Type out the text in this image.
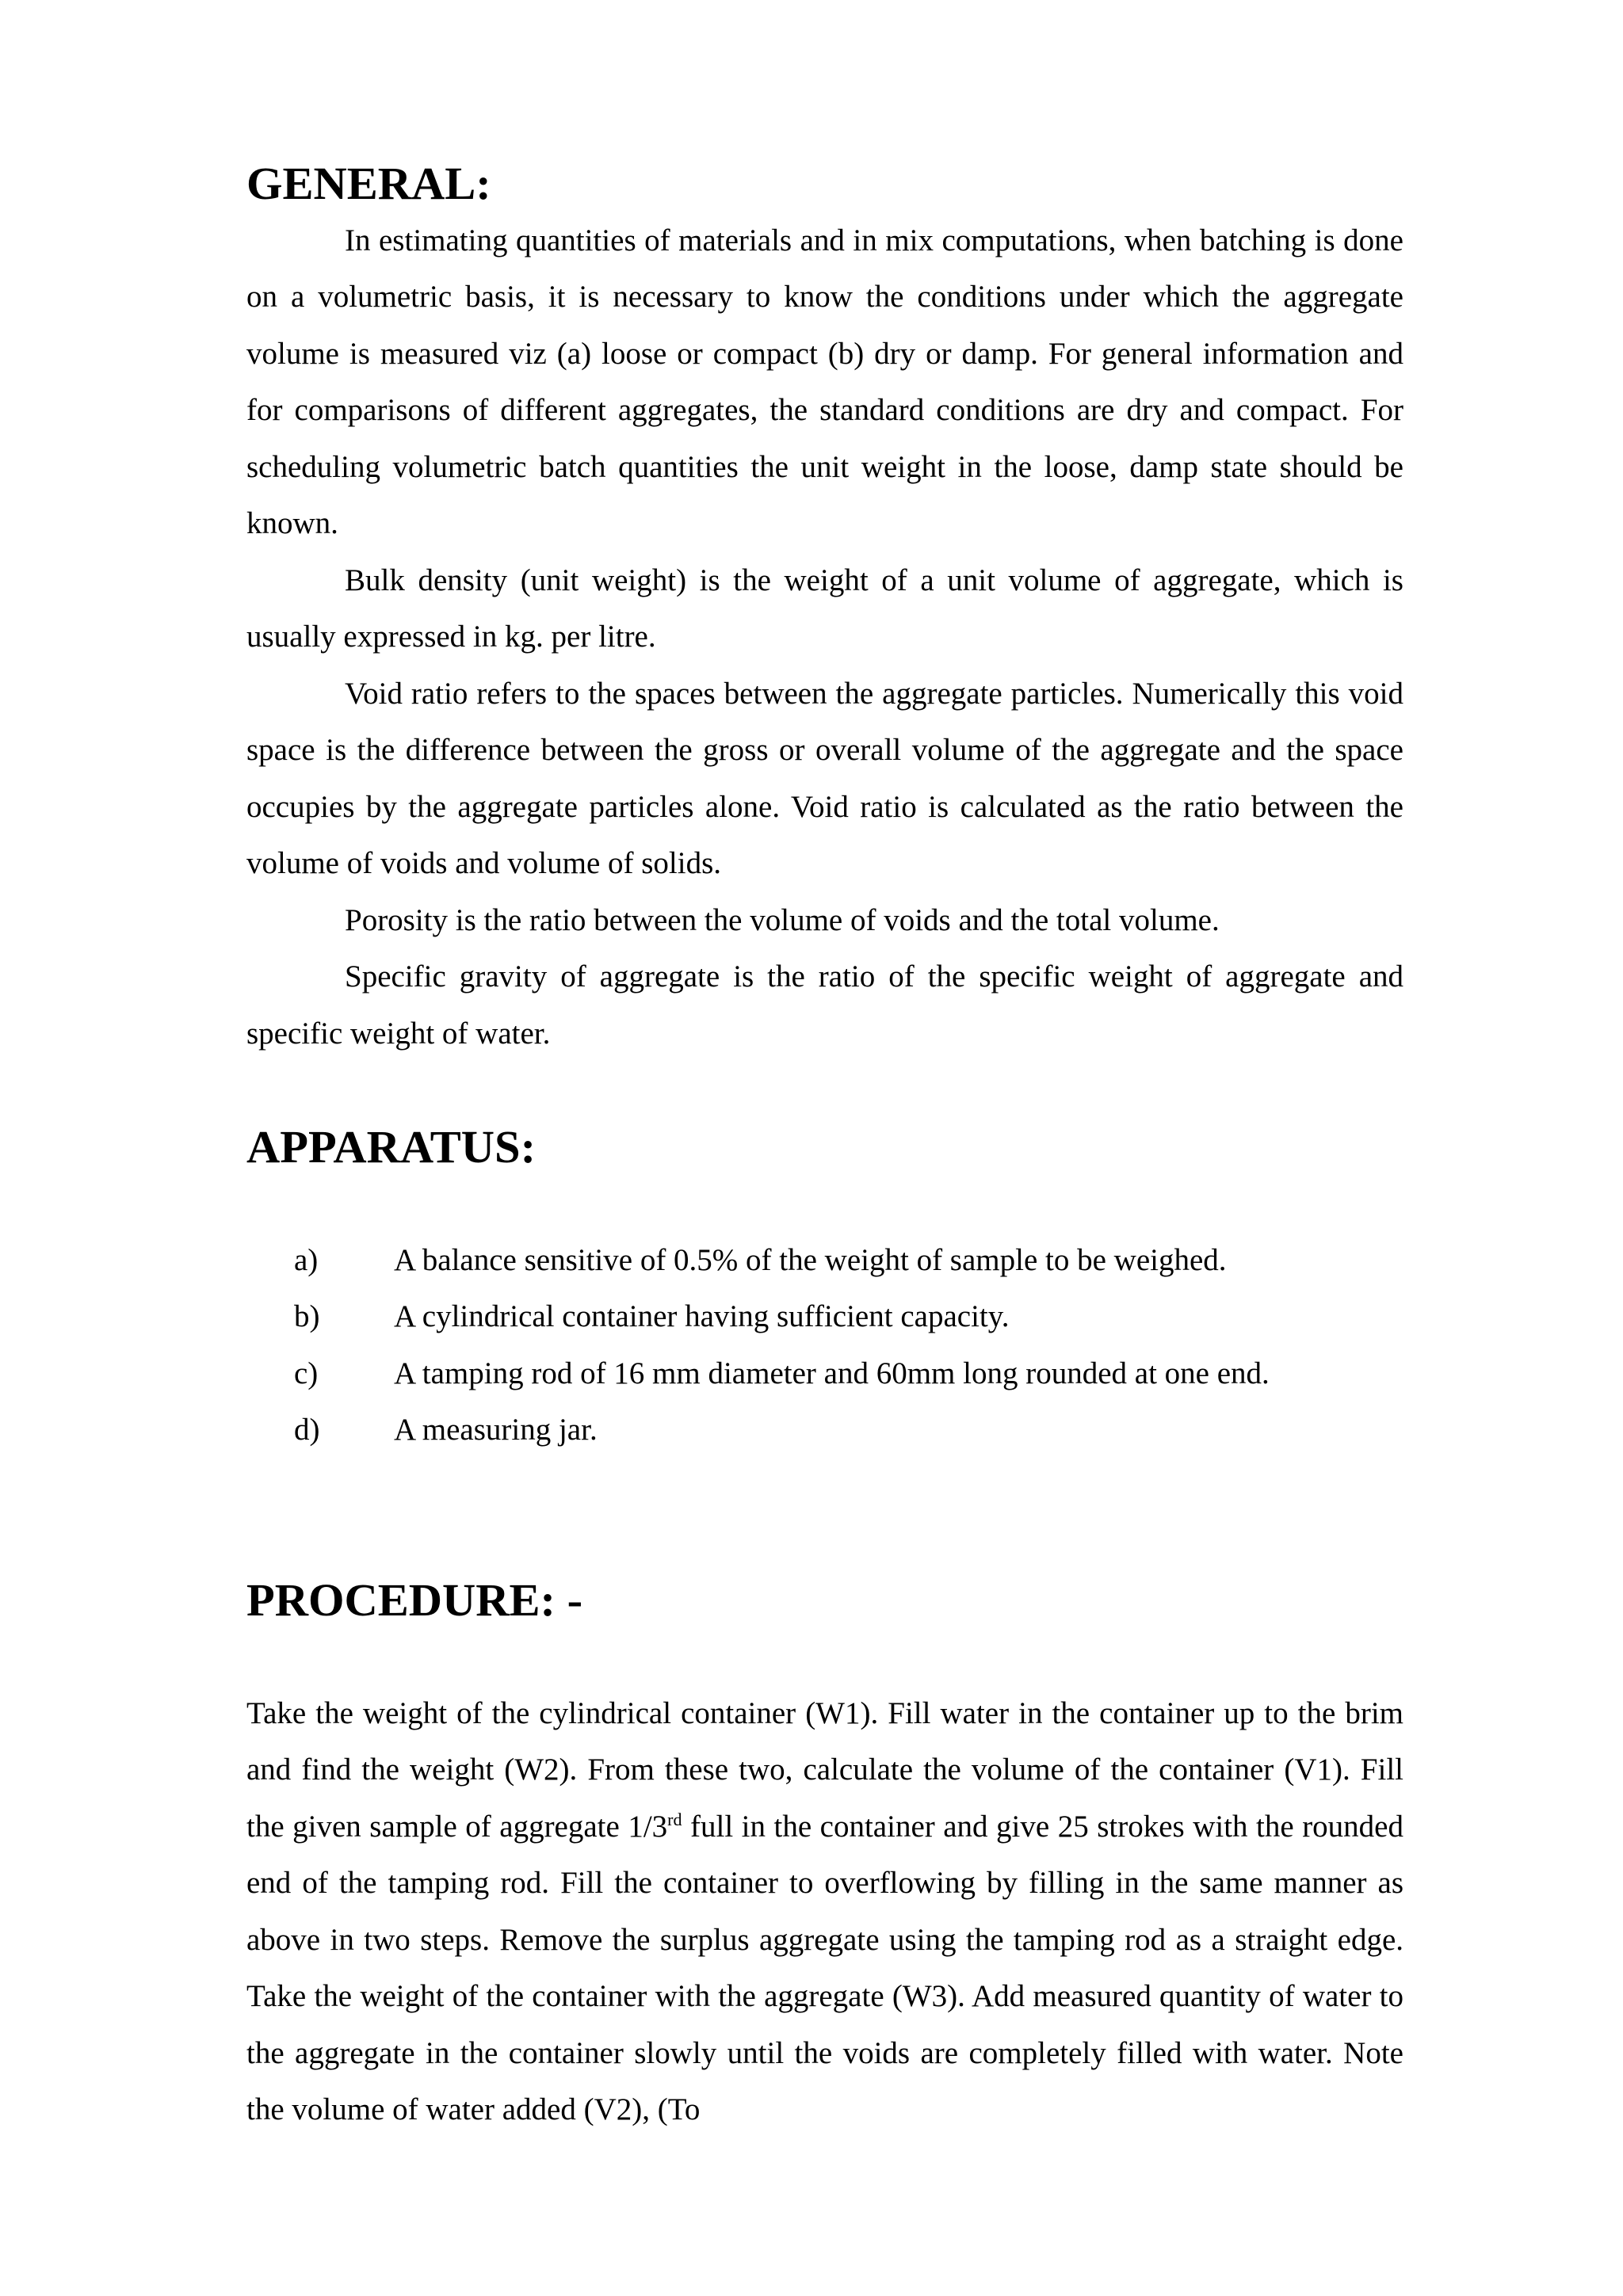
GENERAL:

In estimating quantities of materials and in mix computations, when batching is done on a volumetric basis, it is necessary to know the conditions under which the aggregate volume is measured viz (a) loose or compact (b) dry or damp. For general information and for comparisons of different aggregates, the standard conditions are dry and compact. For scheduling volumetric batch quantities the unit weight in the loose, damp state should be known.

Bulk density (unit weight) is the weight of a unit volume of aggregate, which is usually expressed in kg. per litre.

Void ratio refers to the spaces between the aggregate particles. Numerically this void space is the difference between the gross or overall volume of the aggregate and the space occupies by the aggregate particles alone. Void ratio is calculated as the ratio between the volume of voids and volume of solids.

Porosity is the ratio between the volume of voids and the total volume.

Specific gravity of aggregate is the ratio of the specific weight of aggregate and specific weight of water.

APPARATUS:
a)	A balance sensitive of 0.5% of the weight of sample to be weighed.
b)	A cylindrical container having sufficient capacity.
c)	A tamping rod of 16 mm diameter and 60mm long rounded at one end.
d)	A measuring jar.
PROCEDURE: -

Take the weight of the cylindrical container (W1). Fill water in the container up to the brim and find the weight (W2). From these two, calculate the volume of the container (V1). Fill the given sample of aggregate 1/3rd full in the container and give 25 strokes with the rounded end of the tamping rod. Fill the container to overflowing by filling in the same manner as above in two steps. Remove the surplus aggregate using the tamping rod as a straight edge. Take the weight of the container with the aggregate (W3). Add measured quantity of water to the aggregate in the container slowly until the voids are completely filled with water. Note the volume of water added (V2), (To
